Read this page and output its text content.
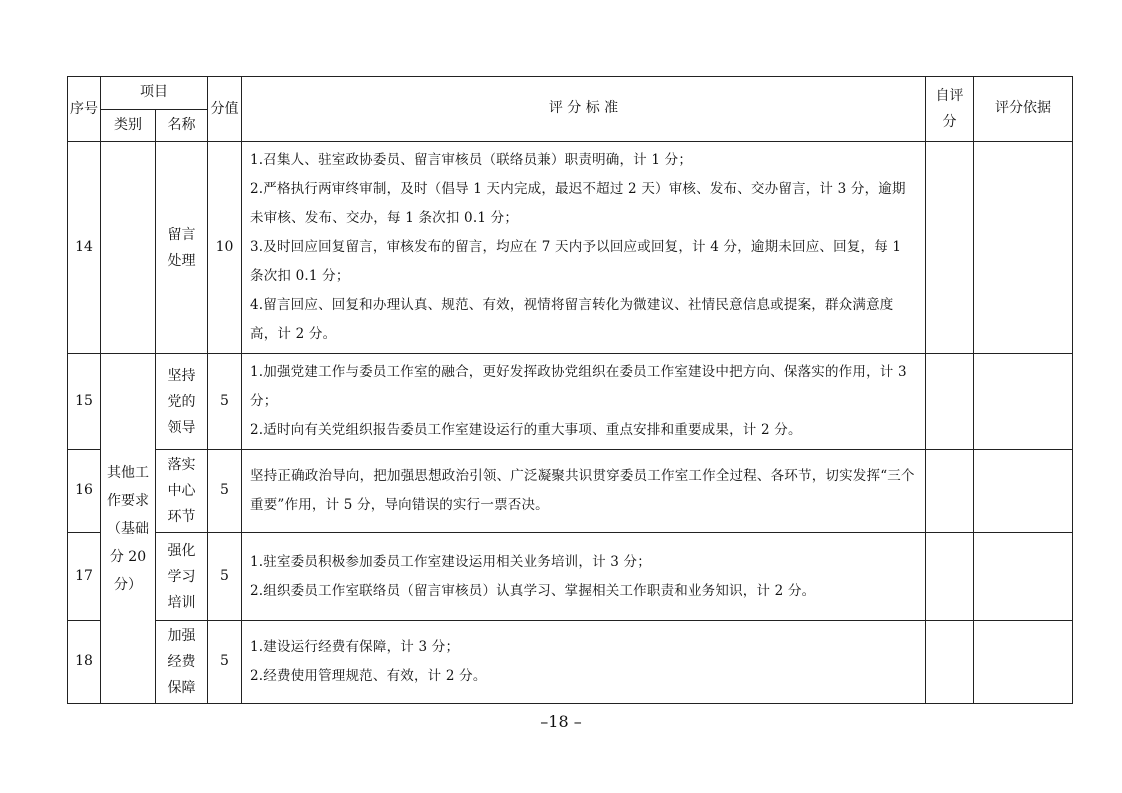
序号	项目		分值	评 分 标 准	自评分	评分依据
	类别	名称				
14		留言处理	10	1.召集人、驻室政协委员、留言审核员（联络员兼）职责明确，计 1 分；
2.严格执行两审终审制，及时（倡导 1 天内完成，最迟不超过 2 天）审核、发布、交办留言，计 3 分，逾期未审核、发布、交办，每 1 条次扣 0.1 分；
3.及时回应回复留言，审核发布的留言，均应在 7 天内予以回应或回复，计 4 分，逾期未回应、回复，每 1 条次扣 0.1 分；
4.留言回应、回复和办理认真、规范、有效，视情将留言转化为微建议、社情民意信息或提案，群众满意度高，计 2 分。		

15	其他工作要求（基础分 20 分）	坚持党的领导	5	1.加强党建工作与委员工作室的融合，更好发挥政协党组织在委员工作室建设中把方向、保落实的作用，计 3 分；
2.适时向有关党组织报告委员工作室建设运行的重大事项、重点安排和重要成果，计 2 分。		

16		落实中心环节	5	坚持正确政治导向，把加强思想政治引领、广泛凝聚共识贯穿委员工作室工作全过程、各环节，切实发挥“三个重要”作用，计 5 分，导向错误的实行一票否决。		

17		强化学习培训	5	1.驻室委员积极参加委员工作室建设运用相关业务培训，计 3 分；
2.组织委员工作室联络员（留言审核员）认真学习、掌握相关工作职责和业务知识，计 2 分。		

18		加强经费保障	5	1.建设运行经费有保障，计 3 分；
2.经费使用管理规范、有效，计 2 分。		

–18 –
